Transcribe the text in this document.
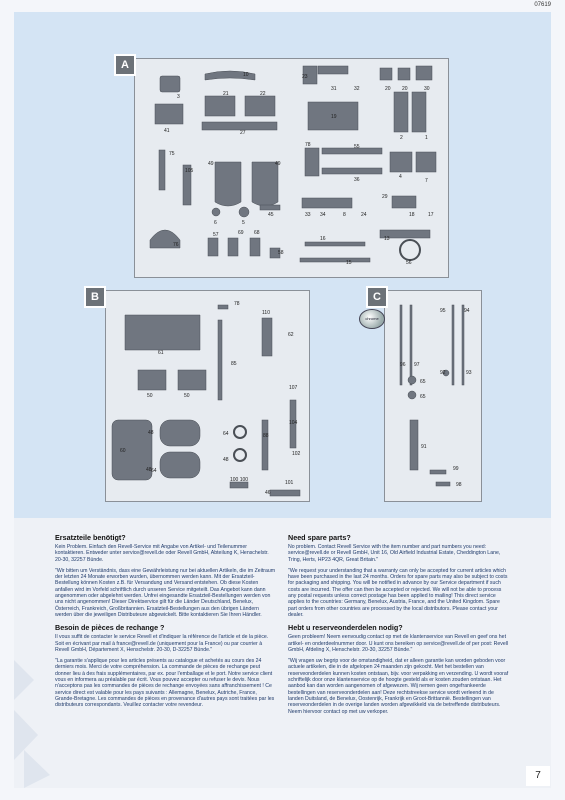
07619
A
B	C
chrome
3
10	23
31	32	20 20	30
41
21	22
19
27
1
2
75
49	49
78	55
105
36	4
7
6	5
45
29
33 34	8	24	18	17
76
57	69 68
58
16	13
15	56
78
110
62
61
85
50	50
107
48	64
48
104
60
88
48
64
102
100 100	101
46
95	94
96 97
65
65
92	93
91
99
98
Ersatzteile benötigt?

Kein Problem. Einfach den Revell-Service mit Angabe von Artikel- und Teilenummer kontaktieren. Entweder unter service@revell.de oder Revell GmbH, Abteilung K, Henschelstr. 20-30, 32257 Bünde.

"Wir bitten um Verständnis, dass eine Gewährleistung nur bei aktuellen Artikeln, die im Zeitraum der letzten 24 Monate erworben wurden, übernommen werden kann. Mit der Ersatzteil-Bestellung können Kosten z.B. für Versandung und Versand entstehen. Ob diese Kosten anfallen wird im Vorfeld schriftlich durch unseren Service mitgeteilt. Das Angebot kann dann angenommen oder abgelehnt werden. Unfrei eingesandte Ersatzteil-Bestellungen werden von uns nicht angenommen! Dieser Direktservice gilt für die Länder Deutschland, Benelux, Österreich, Frankreich, Großbritannien. Ersatzteil-Bestellungen aus den übrigen Ländern werden über die jeweiligen Distributeure abgewickelt. Bitte kontaktieren Sie Ihren Händler.

Besoin de pièces de rechange ?

Il vous suffit de contacter le service Revell et d'indiquer la référence de l'article et de la pièce. Soit en écrivant par mail à france@revell.de (uniquement pour la France) ou par courrier à Revell GmbH, Département X, Henschelstr. 20-30, D-32257 Bünde."

"La garantie s'applique pour les articles présents au catalogue et achetés au cours des 24 derniers mois. Merci de votre compréhension. La commande de pièces de rechange peut donner lieu à des frais supplémentaires, par ex. pour l'emballage et le port. Notre service client vous en informera au préalable par écrit. Vous pouvez accepter ou refuser le devis. Nous n'acceptons pas les commandes de pièces de rechange envoyées sans affranchissement ! Ce service direct est valable pour les pays suivants : Allemagne, Benelux, Autriche, France, Grande-Bretagne. Les commandes de pièces en provenance d'autres pays sont traitées par les distributeurs correspondants. Veuillez contacter votre revendeur.

Need spare parts?

No problem. Contact Revell Service with the item number and part numbers you need: service@revell.de or Revell GmbH, Unit 16, Old Airfield Industrial Estate, Cheddington Lane, Tring, Herts, HP23 4QR, Great Britain."

"We request your understanding that a warranty can only be accepted for current articles which have been purchased in the last 24 months. Orders for spare parts may also be subject to costs for packaging and shipping. You will be notified in advance by our Service department if such costs are incurred. The offer can then be accepted or rejected. We will not be able to process any postal requests unless correct postage has been applied to mailing! This direct service applies to the countries: Germany, Benelux, Austria, France, and the United Kingdom. Spare part orders from other countries are processed by the local distributors. Please contact your dealer.

Hebt u reserveonderdelen nodig?

Geen probleem! Neem eenvoudig contact op met de klantenservice van Revell en geef ons het artikel- en onderdeelnummer door. U kunt ons bereiken op service@revell.de of per post: Revell GmbH, Afdeling X, Henschelstr. 20-30, 32257 Bünde."

"Wij vragen uw begrip voor de omstandigheid, dat er alleen garantie kan worden geboden voor actuele artikelen, die in de afgelopen 24 maanden zijn gekocht. Met het bestellen van reserveonderdelen kunnen kosten ontstaan, bijv. voor verpakking en verzending. U wordt vooraf schriftelijk door onze klantenservice op de hoogte gesteld als er kosten zouden ontstaan. Het aanbod kan dan worden aangenomen of afgewezen. Wij nemen geen ongefrankeerde bestellingen van reserveonderdelen aan! Deze rechtstreekse service wordt verleend in de landen Duitsland, de Benelux, Oostenrijk, Frankrijk en Groot-Brittannië. Bestellingen van reserveonderdelen in de overige landen worden afgewikkeld via de betreffende distributeurs. Neem hiervoor contact op met uw verkoper.

7
